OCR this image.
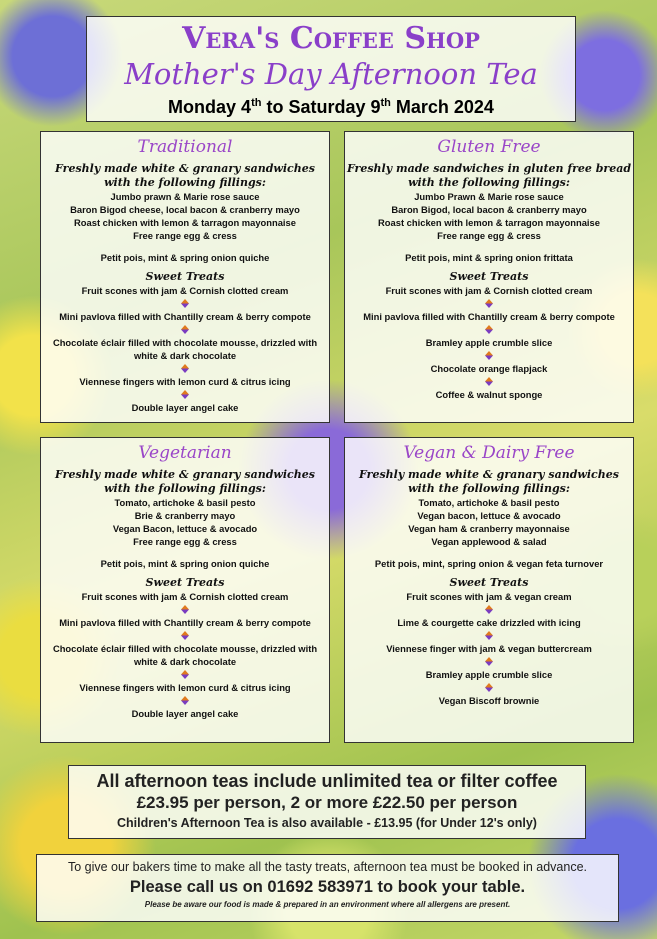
Vera's Coffee Shop
Mother's Day Afternoon Tea
Monday 4th to Saturday 9th March 2024
Traditional
Freshly made white & granary sandwiches
with the following fillings:
Jumbo prawn & Marie rose sauce
Baron Bigod cheese, local bacon & cranberry mayo
Roast chicken with lemon & tarragon mayonnaise
Free range egg & cress
Petit pois, mint & spring onion quiche
Sweet Treats
Fruit scones with jam & Cornish clotted cream
Mini pavlova filled with Chantilly cream & berry compote
Chocolate éclair filled with chocolate mousse, drizzled with white & dark chocolate
Viennese fingers with lemon curd & citrus icing
Double layer angel cake
Gluten Free
Freshly made sandwiches in gluten free bread
with the following fillings:
Jumbo Prawn & Marie rose sauce
Baron Bigod, local bacon & cranberry mayo
Roast chicken with lemon & tarragon mayonnaise
Free range egg & cress
Petit pois, mint & spring onion frittata
Sweet Treats
Fruit scones with jam & Cornish clotted cream
Mini pavlova filled with Chantilly cream & berry compote
Bramley apple crumble slice
Chocolate orange flapjack
Coffee & walnut sponge
Vegetarian
Freshly made white & granary sandwiches
with the following fillings:
Tomato, artichoke & basil pesto
Brie & cranberry mayo
Vegan Bacon, lettuce & avocado
Free range egg & cress
Petit pois, mint & spring onion quiche
Sweet Treats
Fruit scones with jam & Cornish clotted cream
Mini pavlova filled with Chantilly cream & berry compote
Chocolate éclair filled with chocolate mousse, drizzled with white & dark chocolate
Viennese fingers with lemon curd & citrus icing
Double layer angel cake
Vegan & Dairy Free
Freshly made white & granary sandwiches
with the following fillings:
Tomato, artichoke & basil pesto
Vegan bacon, lettuce & avocado
Vegan ham & cranberry mayonnaise
Vegan applewood & salad
Petit pois, mint, spring onion & vegan feta turnover
Sweet Treats
Fruit scones with jam & vegan cream
Lime & courgette cake drizzled with icing
Viennese finger with jam & vegan buttercream
Bramley apple crumble slice
Vegan Biscoff brownie
All afternoon teas include unlimited tea or filter coffee
£23.95 per person, 2 or more £22.50 per person
Children's Afternoon Tea is also available - £13.95 (for Under 12's only)
To give our bakers time to make all the tasty treats, afternoon tea must be booked in advance.
Please call us on 01692 583971 to book your table.
Please be aware our food is made & prepared in an environment where all allergens are present.
